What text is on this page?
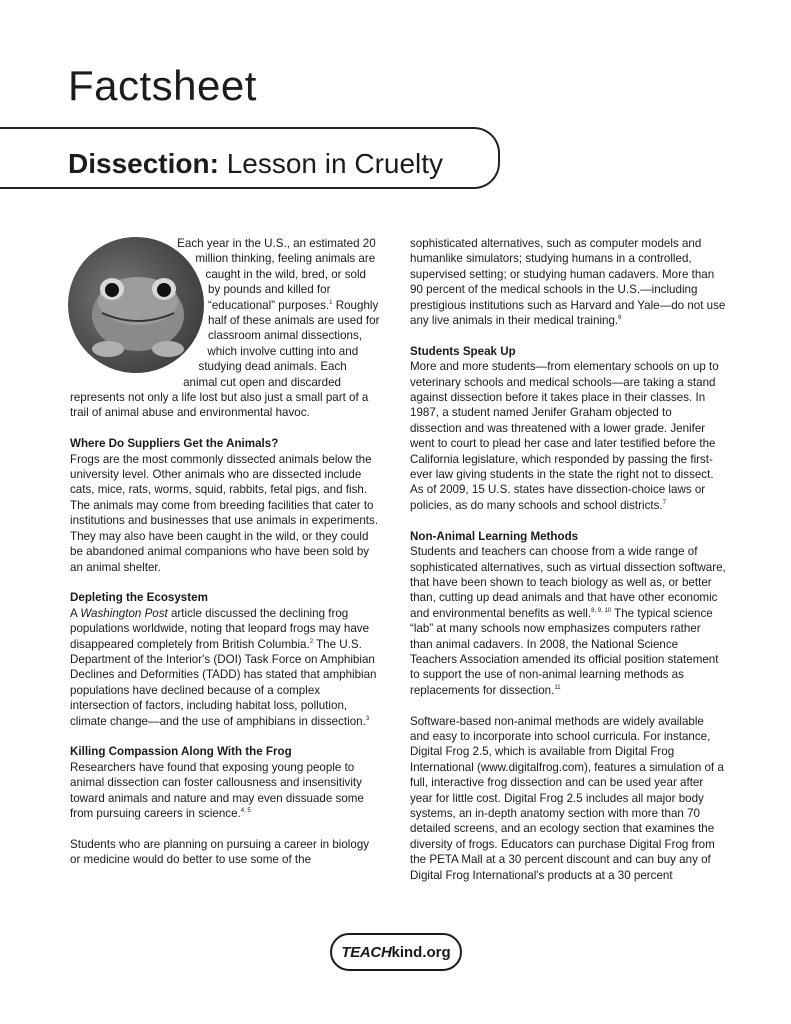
Factsheet
Dissection: Lesson in Cruelty

Each year in the U.S., an estimated 20 million thinking, feeling animals are caught in the wild, bred, or sold by pounds and killed for “educational” purposes.$^1$ Roughly half of these animals are used for classroom animal dissections, which involve cutting into and studying dead animals. Each animal cut open and discarded represents not only a life lost but also just a small part of a trail of animal abuse and environmental havoc.

Where Do Suppliers Get the Animals?

Frogs are the most commonly dissected animals below the university level. Other animals who are dissected include cats, mice, rats, worms, squid, rabbits, fetal pigs, and fish. The animals may come from breeding facilities that cater to institutions and businesses that use animals in experiments. They may also have been caught in the wild, or they could be abandoned animal companions who have been sold by an animal shelter.

Depleting the Ecosystem

A Washington Post article discussed the declining frog populations worldwide, noting that leopard frogs may have disappeared completely from British Columbia.$^2$ The U.S. Department of the Interior's (DOI) Task Force on Amphibian Declines and Deformities (TADD) has stated that amphibian populations have declined because of a complex intersection of factors, including habitat loss, pollution, climate change—and the use of amphibians in dissection.$^3$

Killing Compassion Along With the Frog

Researchers have found that exposing young people to animal dissection can foster callousness and insensitivity toward animals and nature and may even dissuade some from pursuing careers in science.$^{4, 5}$

Students who are planning on pursuing a career in biology or medicine would do better to use some of the

sophisticated alternatives, such as computer models and humanlike simulators; studying humans in a controlled, supervised setting; or studying human cadavers. More than 90 percent of the medical schools in the U.S.—including prestigious institutions such as Harvard and Yale—do not use any live animals in their medical training.$^6$

Students Speak Up

More and more students—from elementary schools on up to veterinary schools and medical schools—are taking a stand against dissection before it takes place in their classes. In 1987, a student named Jenifer Graham objected to dissection and was threatened with a lower grade. Jenifer went to court to plead her case and later testified before the California legislature, which responded by passing the first-ever law giving students in the state the right not to dissect. As of 2009, 15 U.S. states have dissection-choice laws or policies, as do many schools and school districts.$^7$

Non-Animal Learning Methods

Students and teachers can choose from a wide range of sophisticated alternatives, such as virtual dissection software, that have been shown to teach biology as well as, or better than, cutting up dead animals and that have other economic and environmental benefits as well.$^{8, 9, 10}$ The typical science “lab” at many schools now emphasizes computers rather than animal cadavers. In 2008, the National Science Teachers Association amended its official position statement to support the use of non-animal learning methods as replacements for dissection.$^{11}$

Software-based non-animal methods are widely available and easy to incorporate into school curricula. For instance, Digital Frog 2.5, which is available from Digital Frog International (www.digitalfrog.com), features a simulation of a full, interactive frog dissection and can be used year after year for little cost. Digital Frog 2.5 includes all major body systems, an in-depth anatomy section with more than 70 detailed screens, and an ecology section that examines the diversity of frogs. Educators can purchase Digital Frog from the PETA Mall at a 30 percent discount and can buy any of Digital Frog International's products at a 30 percent

TEACH kind.org
